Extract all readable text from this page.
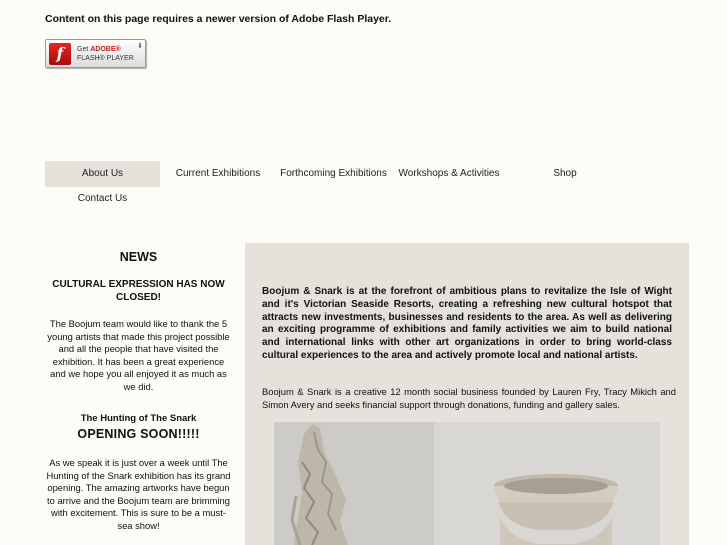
Content on this page requires a newer version of Adobe Flash Player.
f	Get ADOBE®
FLASH® PLAYER
⬇
About Us	Current Exhibitions	Forthcoming Exhibitions	Workshops & Activities	Shop
Contact Us
NEWS
CULTURAL EXPRESSION HAS NOW CLOSED!
The Boojum team would like to thank the 5 young artists that made this project possible and all the people that have visited the exhibition. It has been a great experience and we hope you all enjoyed it as much as we did.
The Hunting of The Snark
OPENING SOON!!!!!
As we speak it is just over a week until The Hunting of the Snark exhibition has its grand opening. The amazing artworks have begun to arrive and the Boojum team are brimming with excitement. This is sure to be a must-sea show!
Boojum & Snark is at the forefront of ambitious plans to revitalize the Isle of Wight and it's Victorian Seaside Resorts, creating a refreshing new cultural hotspot that attracts new investments, businesses and residents to the area. As well as delivering an exciting programme of exhibitions and family activities we aim to build national and international links with other art organizations in order to bring world-class cultural experiences to the area and actively promote local and national artists.
Boojum & Snark is a creative 12 month social business founded by Lauren Fry, Tracy Mikich and Simon Avery and seeks financial support through donations, funding and gallery sales.
